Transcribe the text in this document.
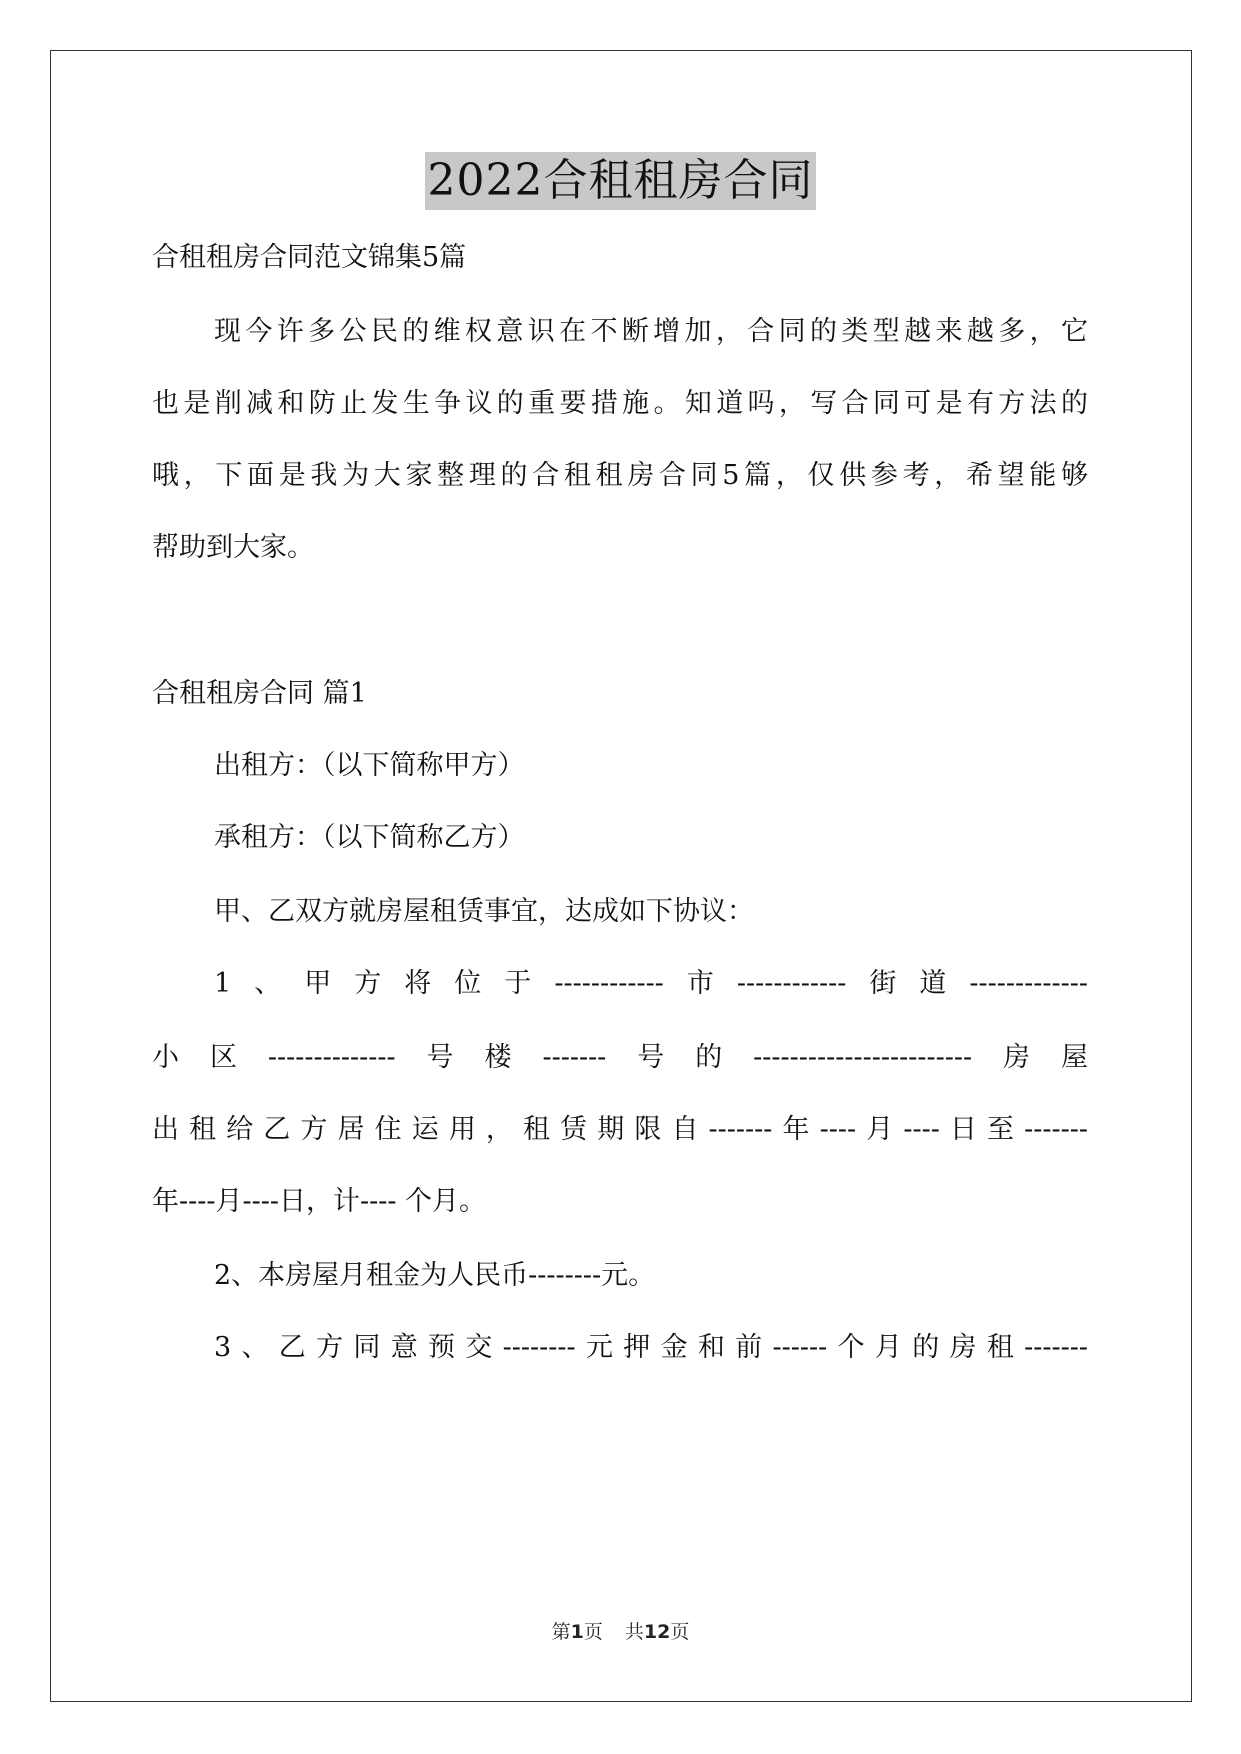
2022合租租房合同
合租租房合同范文锦集5篇
现今许多公民的维权意识在不断增加，合同的类型越来越多，它
也是削减和防止发生争议的重要措施。知道吗，写合同可是有方法的
哦，下面是我为大家整理的合租租房合同5篇，仅供参考，希望能够
帮助到大家。
合租租房合同 篇1
出租方：（以下简称甲方）
承租方：（以下简称乙方）
甲、乙双方就房屋租赁事宜，达成如下协议：
1、甲方将位于------------市------------街道-------------
小区--------------号楼-------号的------------------------房屋
出租给乙方居住运用，租赁期限自-------年----月----日至-------
年----月----日，计---- 个月。
2、本房屋月租金为人民币--------元。
3、乙方同意预交--------元押金和前------个月的房租-------
第1页 共12页
